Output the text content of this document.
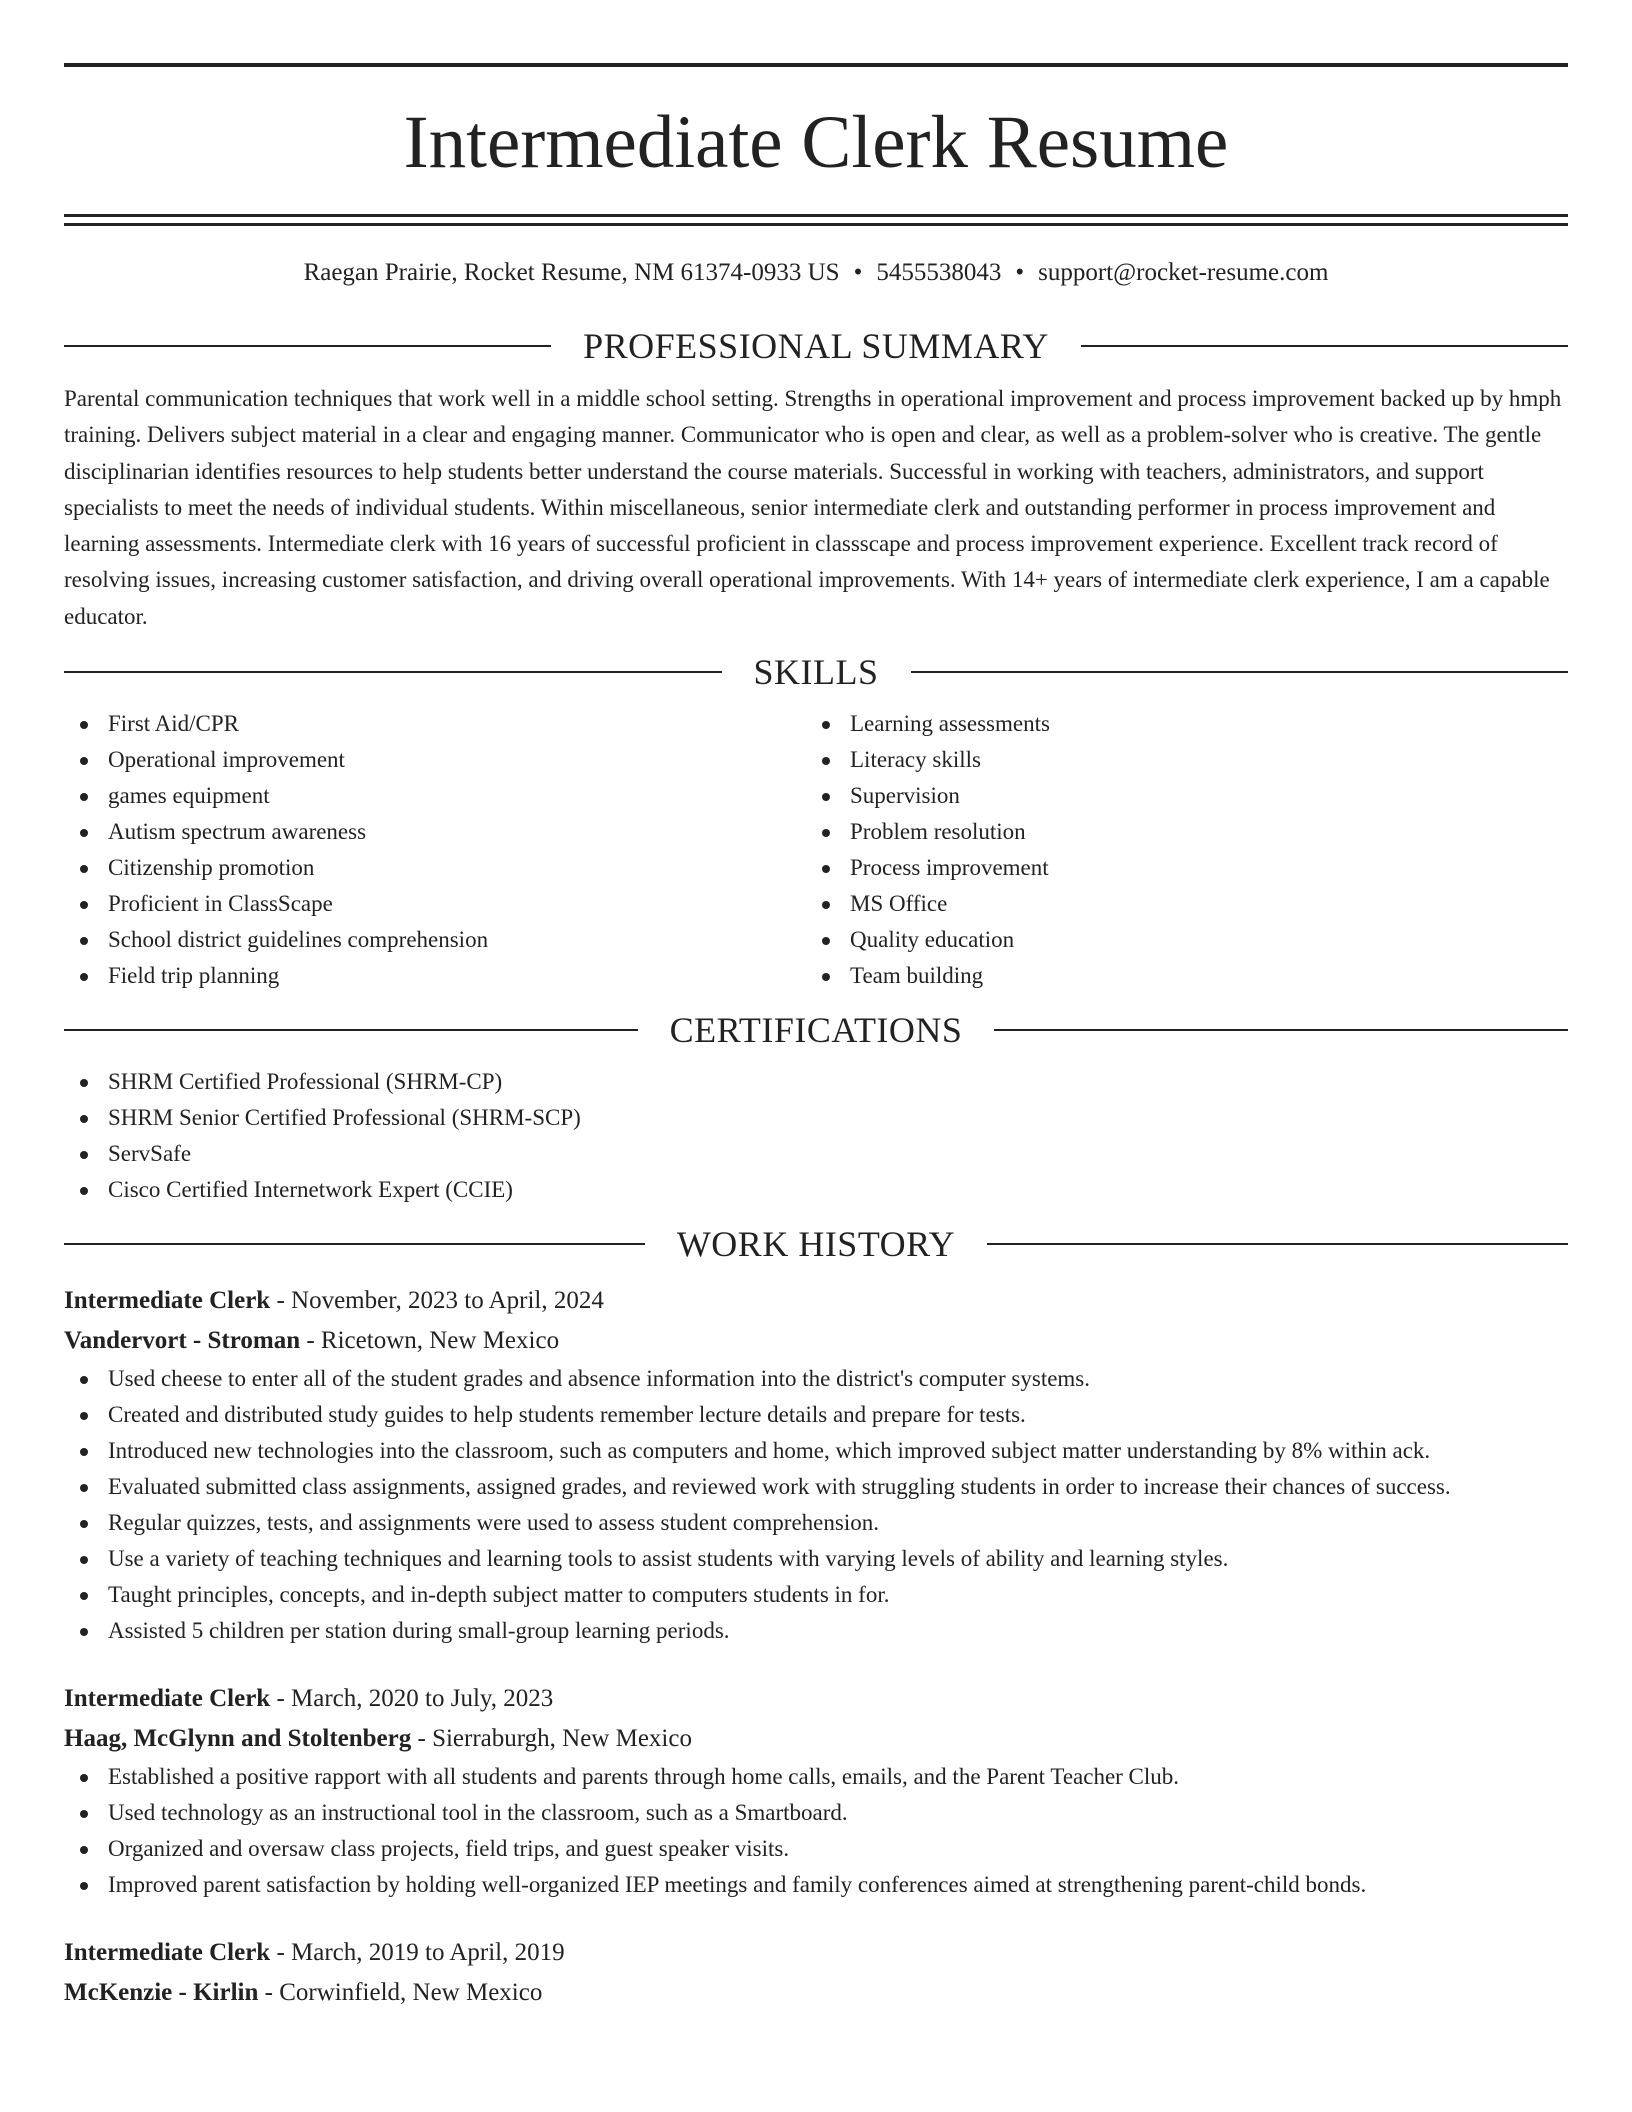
Intermediate Clerk Resume
Raegan Prairie, Rocket Resume, NM 61374-0933 US • 5455538043 • support@rocket-resume.com
PROFESSIONAL SUMMARY

Parental communication techniques that work well in a middle school setting. Strengths in operational improvement and process improvement backed up by hmph training. Delivers subject material in a clear and engaging manner. Communicator who is open and clear, as well as a problem-solver who is creative. The gentle disciplinarian identifies resources to help students better understand the course materials. Successful in working with teachers, administrators, and support specialists to meet the needs of individual students. Within miscellaneous, senior intermediate clerk and outstanding performer in process improvement and learning assessments. Intermediate clerk with 16 years of successful proficient in classscape and process improvement experience. Excellent track record of resolving issues, increasing customer satisfaction, and driving overall operational improvements. With 14+ years of intermediate clerk experience, I am a capable educator.

SKILLS
First Aid/CPR
Operational improvement
games equipment
Autism spectrum awareness
Citizenship promotion
Proficient in ClassScape
School district guidelines comprehension
Field trip planning
Learning assessments
Literacy skills
Supervision
Problem resolution
Process improvement
MS Office
Quality education
Team building
CERTIFICATIONS
SHRM Certified Professional (SHRM-CP)
SHRM Senior Certified Professional (SHRM-SCP)
ServSafe
Cisco Certified Internetwork Expert (CCIE)
WORK HISTORY
Intermediate Clerk - November, 2023 to April, 2024
Vandervort - Stroman - Ricetown, New Mexico
Used cheese to enter all of the student grades and absence information into the district's computer systems.
Created and distributed study guides to help students remember lecture details and prepare for tests.
Introduced new technologies into the classroom, such as computers and home, which improved subject matter understanding by 8% within ack.
Evaluated submitted class assignments, assigned grades, and reviewed work with struggling students in order to increase their chances of success.
Regular quizzes, tests, and assignments were used to assess student comprehension.
Use a variety of teaching techniques and learning tools to assist students with varying levels of ability and learning styles.
Taught principles, concepts, and in-depth subject matter to computers students in for.
Assisted 5 children per station during small-group learning periods.
Intermediate Clerk - March, 2020 to July, 2023
Haag, McGlynn and Stoltenberg - Sierraburgh, New Mexico
Established a positive rapport with all students and parents through home calls, emails, and the Parent Teacher Club.
Used technology as an instructional tool in the classroom, such as a Smartboard.
Organized and oversaw class projects, field trips, and guest speaker visits.
Improved parent satisfaction by holding well-organized IEP meetings and family conferences aimed at strengthening parent-child bonds.
Intermediate Clerk - March, 2019 to April, 2019
McKenzie - Kirlin - Corwinfield, New Mexico
